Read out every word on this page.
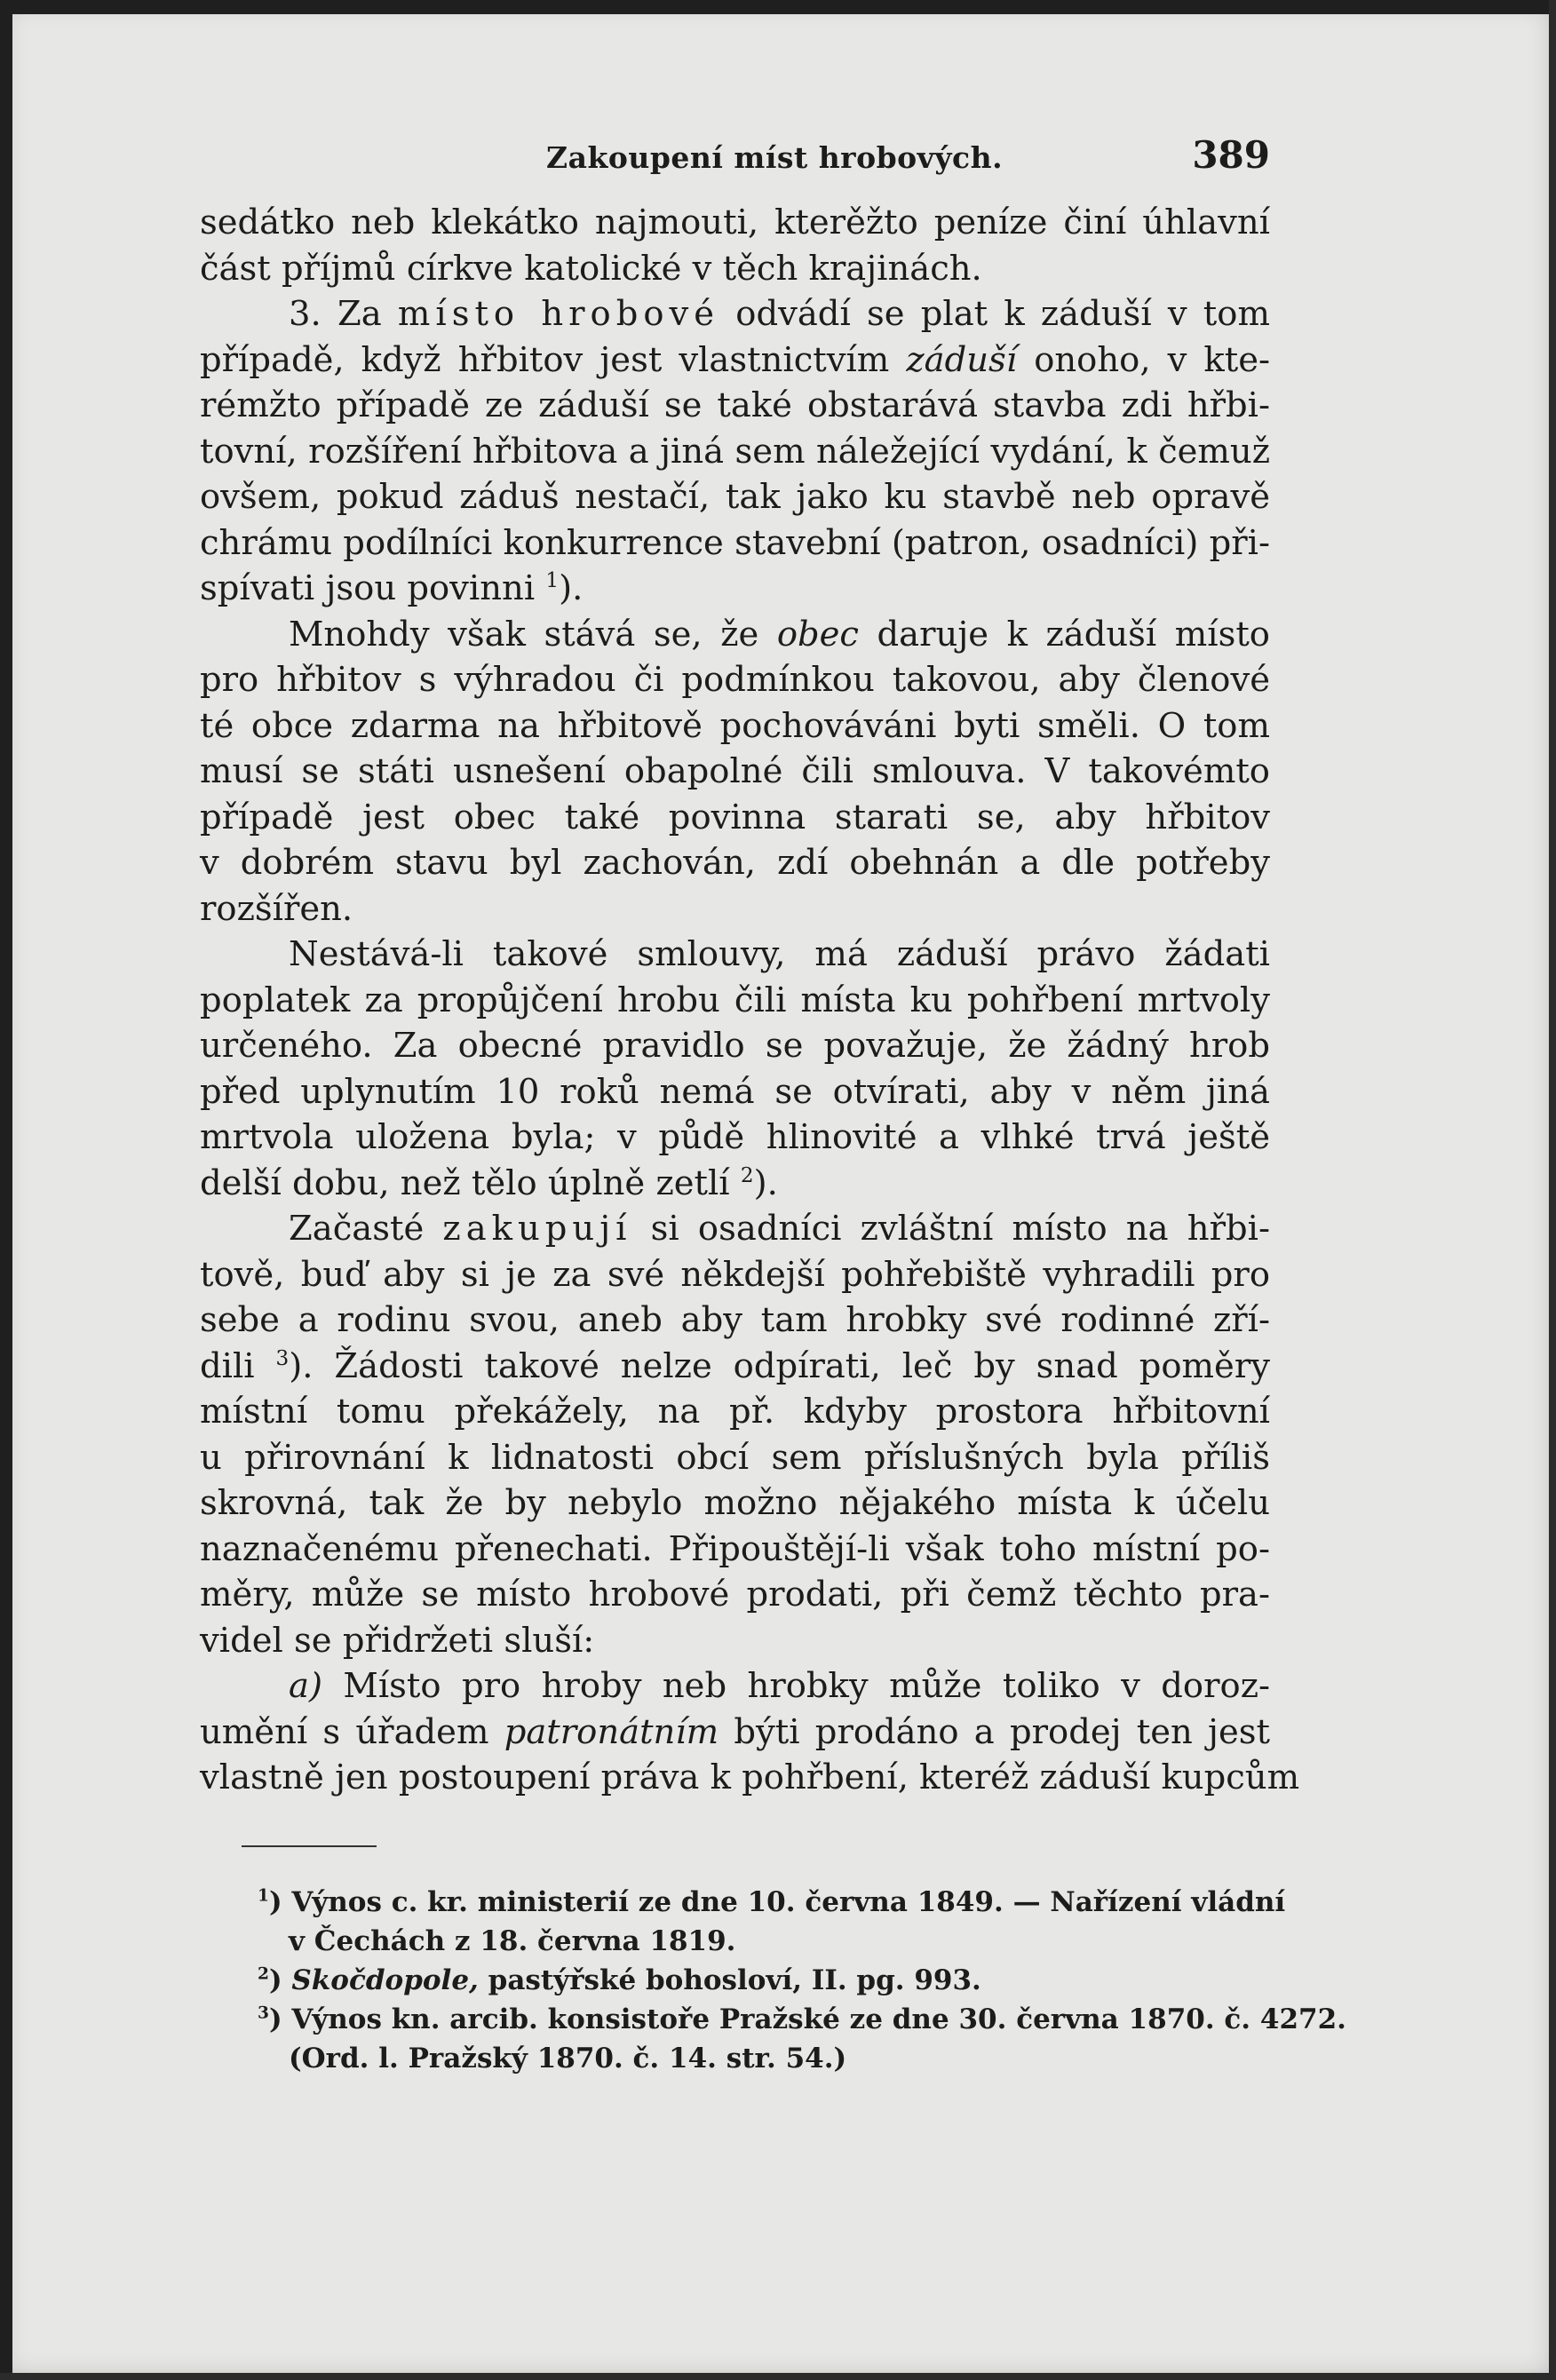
Zakoupení míst hrobových.	389
sedátko neb klekátko najmouti, kterěžto peníze činí úhlavní
část příjmů církve katolické v těch krajinách.
3. Za místo hrobové odvádí se plat k záduší v tom
případě, když hřbitov jest vlastnictvím záduší onoho, v kte-
rémžto případě ze záduší se také obstarává stavba zdi hřbi-
tovní, rozšíření hřbitova a jiná sem náležející vydání, k čemuž
ovšem, pokud záduš nestačí, tak jako ku stavbě neb opravě
chrámu podílníci konkurrence stavební (patron, osadníci) při-
spívati jsou povinni $^1$).
Mnohdy však stává se, že obec daruje k záduší místo
pro hřbitov s výhradou či podmínkou takovou, aby členové
té obce zdarma na hřbitově pochováváni byti směli. O tom
musí se státi usnešení obapolné čili smlouva. V takovémto
případě jest obec také povinna starati se, aby hřbitov
v dobrém stavu byl zachován, zdí obehnán a dle potřeby
rozšířen.
Nestává-li takové smlouvy, má záduší právo žádati
poplatek za propůjčení hrobu čili místa ku pohřbení mrtvoly
určeného. Za obecné pravidlo se považuje, že žádný hrob
před uplynutím 10 roků nemá se otvírati, aby v něm jiná
mrtvola uložena byla; v půdě hlinovité a vlhké trvá ještě
delší dobu, než tělo úplně zetlí $^2$).
Začasté zakupují si osadníci zvláštní místo na hřbi-
tově, buď aby si je za své někdejší pohřebiště vyhradili pro
sebe a rodinu svou, aneb aby tam hrobky své rodinné zří-
dili $^3$). Žádosti takové nelze odpírati, leč by snad poměry
místní tomu překážely, na př. kdyby prostora hřbitovní
u přirovnání k lidnatosti obcí sem příslušných byla příliš
skrovná, tak že by nebylo možno nějakého místa k účelu
naznačenému přenechati. Připouštějí-li však toho místní po-
měry, může se místo hrobové prodati, při čemž těchto pra-
videl se přidržeti sluší:
a) Místo pro hroby neb hrobky může toliko v doroz-
umění s úřadem patronátním býti prodáno a prodej ten jest
vlastně jen postoupení práva k pohřbení, kteréž záduší kupcům
$^1$) Výnos c. kr. ministerií ze dne 10. června 1849. — Nařízení vládní
v Čechách z 18. června 1819.
$^2$) Skočdopole, pastýřské bohosloví, II. pg. 993.
$^3$) Výnos kn. arcib. konsistoře Pražské ze dne 30. června 1870. č. 4272.
(Ord. l. Pražský 1870. č. 14. str. 54.)
